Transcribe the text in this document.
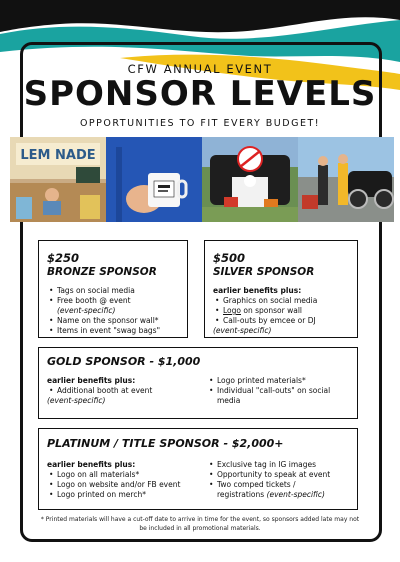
CFW ANNUAL EVENT
SPONSOR LEVELS
OPPORTUNITIES TO FIT EVERY BUDGET!
LEM NADE
$250
BRONZE SPONSOR
• Tags on social media
• Free booth @ event
(event-specific)
• Name on the sponsor wall*
• Items in event "swag bags"
$500
SILVER SPONSOR
earlier benefits plus:
• Graphics on social media
• Logo on sponsor wall
• Call-outs by emcee or DJ
(event-specific)
GOLD SPONSOR - $1,000
earlier benefits plus:
• Additional booth at event
(event-specific)
• Logo printed materials*
• Individual "call-outs" on social media
PLATINUM / TITLE SPONSOR - $2,000+
earlier benefits plus:
• Logo on all materials*
• Logo on website and/or FB event
• Logo printed on merch*
• Exclusive tag in IG images
• Opportunity to speak at event
• Two comped tickets /
registrations (event-specific)
* Printed materials will have a cut-off date to arrive in time for the event, so sponsors added late may not be included in all promotional materials.
